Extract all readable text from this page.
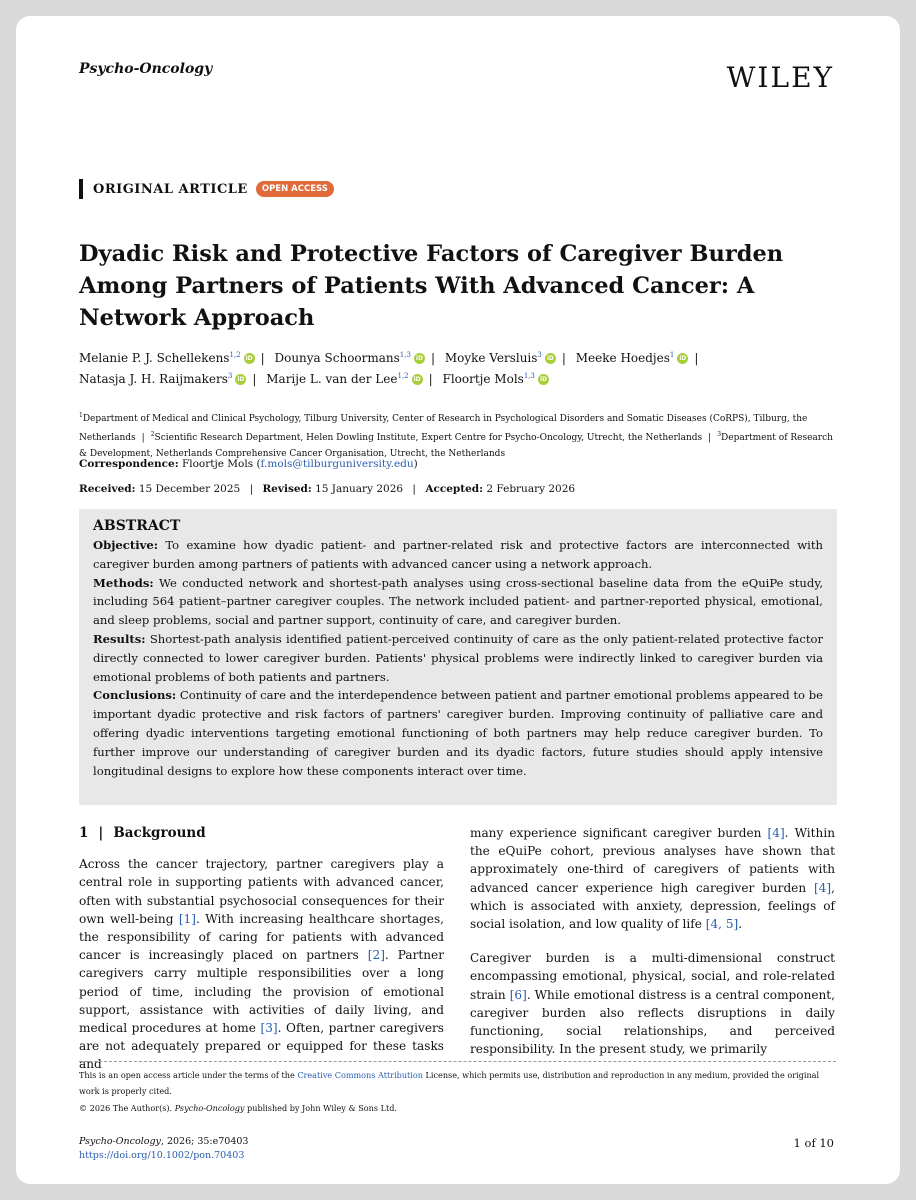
Psycho-Oncology	WILEY
ORIGINAL ARTICLE	OPEN ACCESS
Dyadic Risk and Protective Factors of Caregiver Burden Among Partners of Patients With Advanced Cancer: A Network Approach
Melanie P. J. Schellekens$^{1,2}$ iD | Dounya Schoormans$^{1,3}$ iD | Moyke Versluis$^3$ iD | Meeke Hoedjes$^1$ iD | Natasja J. H. Raijmakers$^3$ iD | Marije L. van der Lee$^{1,2}$ iD | Floortje Mols$^{1,3}$ iD
$^1$Department of Medical and Clinical Psychology, Tilburg University, Center of Research in Psychological Disorders and Somatic Diseases (CoRPS), Tilburg, the Netherlands | $^2$Scientific Research Department, Helen Dowling Institute, Expert Centre for Psycho-Oncology, Utrecht, the Netherlands | $^3$Department of Research & Development, Netherlands Comprehensive Cancer Organisation, Utrecht, the Netherlands
Correspondence: Floortje Mols (f.mols@tilburguniversity.edu)
Received: 15 December 2025 | Revised: 15 January 2026 | Accepted: 2 February 2026
ABSTRACT
Objective: To examine how dyadic patient- and partner-related risk and protective factors are interconnected with caregiver burden among partners of patients with advanced cancer using a network approach.
Methods: We conducted network and shortest-path analyses using cross-sectional baseline data from the eQuiPe study, including 564 patient–partner caregiver couples. The network included patient- and partner-reported physical, emotional, and sleep problems, social and partner support, continuity of care, and caregiver burden.
Results: Shortest-path analysis identified patient-perceived continuity of care as the only patient-related protective factor directly connected to lower caregiver burden. Patients' physical problems were indirectly linked to caregiver burden via emotional problems of both patients and partners.
Conclusions: Continuity of care and the interdependence between patient and partner emotional problems appeared to be important dyadic protective and risk factors of partners' caregiver burden. Improving continuity of palliative care and offering dyadic interventions targeting emotional functioning of both partners may help reduce caregiver burden. To further improve our understanding of caregiver burden and its dyadic factors, future studies should apply intensive longitudinal designs to explore how these components interact over time.
1 | Background

Across the cancer trajectory, partner caregivers play a central role in supporting patients with advanced cancer, often with substantial psychosocial consequences for their own well-being [1]. With increasing healthcare shortages, the responsibility of caring for patients with advanced cancer is increasingly placed on partners [2]. Partner caregivers carry multiple responsibilities over a long period of time, including the provision of emotional support, assistance with activities of daily living, and medical procedures at home [3]. Often, partner caregivers are not adequately prepared or equipped for these tasks and

many experience significant caregiver burden [4]. Within the eQuiPe cohort, previous analyses have shown that approximately one-third of caregivers of patients with advanced cancer experience high caregiver burden [4], which is associated with anxiety, depression, feelings of social isolation, and low quality of life [4, 5].

Caregiver burden is a multi-dimensional construct encompassing emotional, physical, social, and role-related strain [6]. While emotional distress is a central component, caregiver burden also reflects disruptions in daily functioning, social relationships, and perceived responsibility. In the present study, we primarily

This is an open access article under the terms of the Creative Commons Attribution License, which permits use, distribution and reproduction in any medium, provided the original work is properly cited.
© 2026 The Author(s). Psycho-Oncology published by John Wiley & Sons Ltd.
Psycho-Oncology, 2026; 35:e70403
https://doi.org/10.1002/pon.70403
1 of 10
